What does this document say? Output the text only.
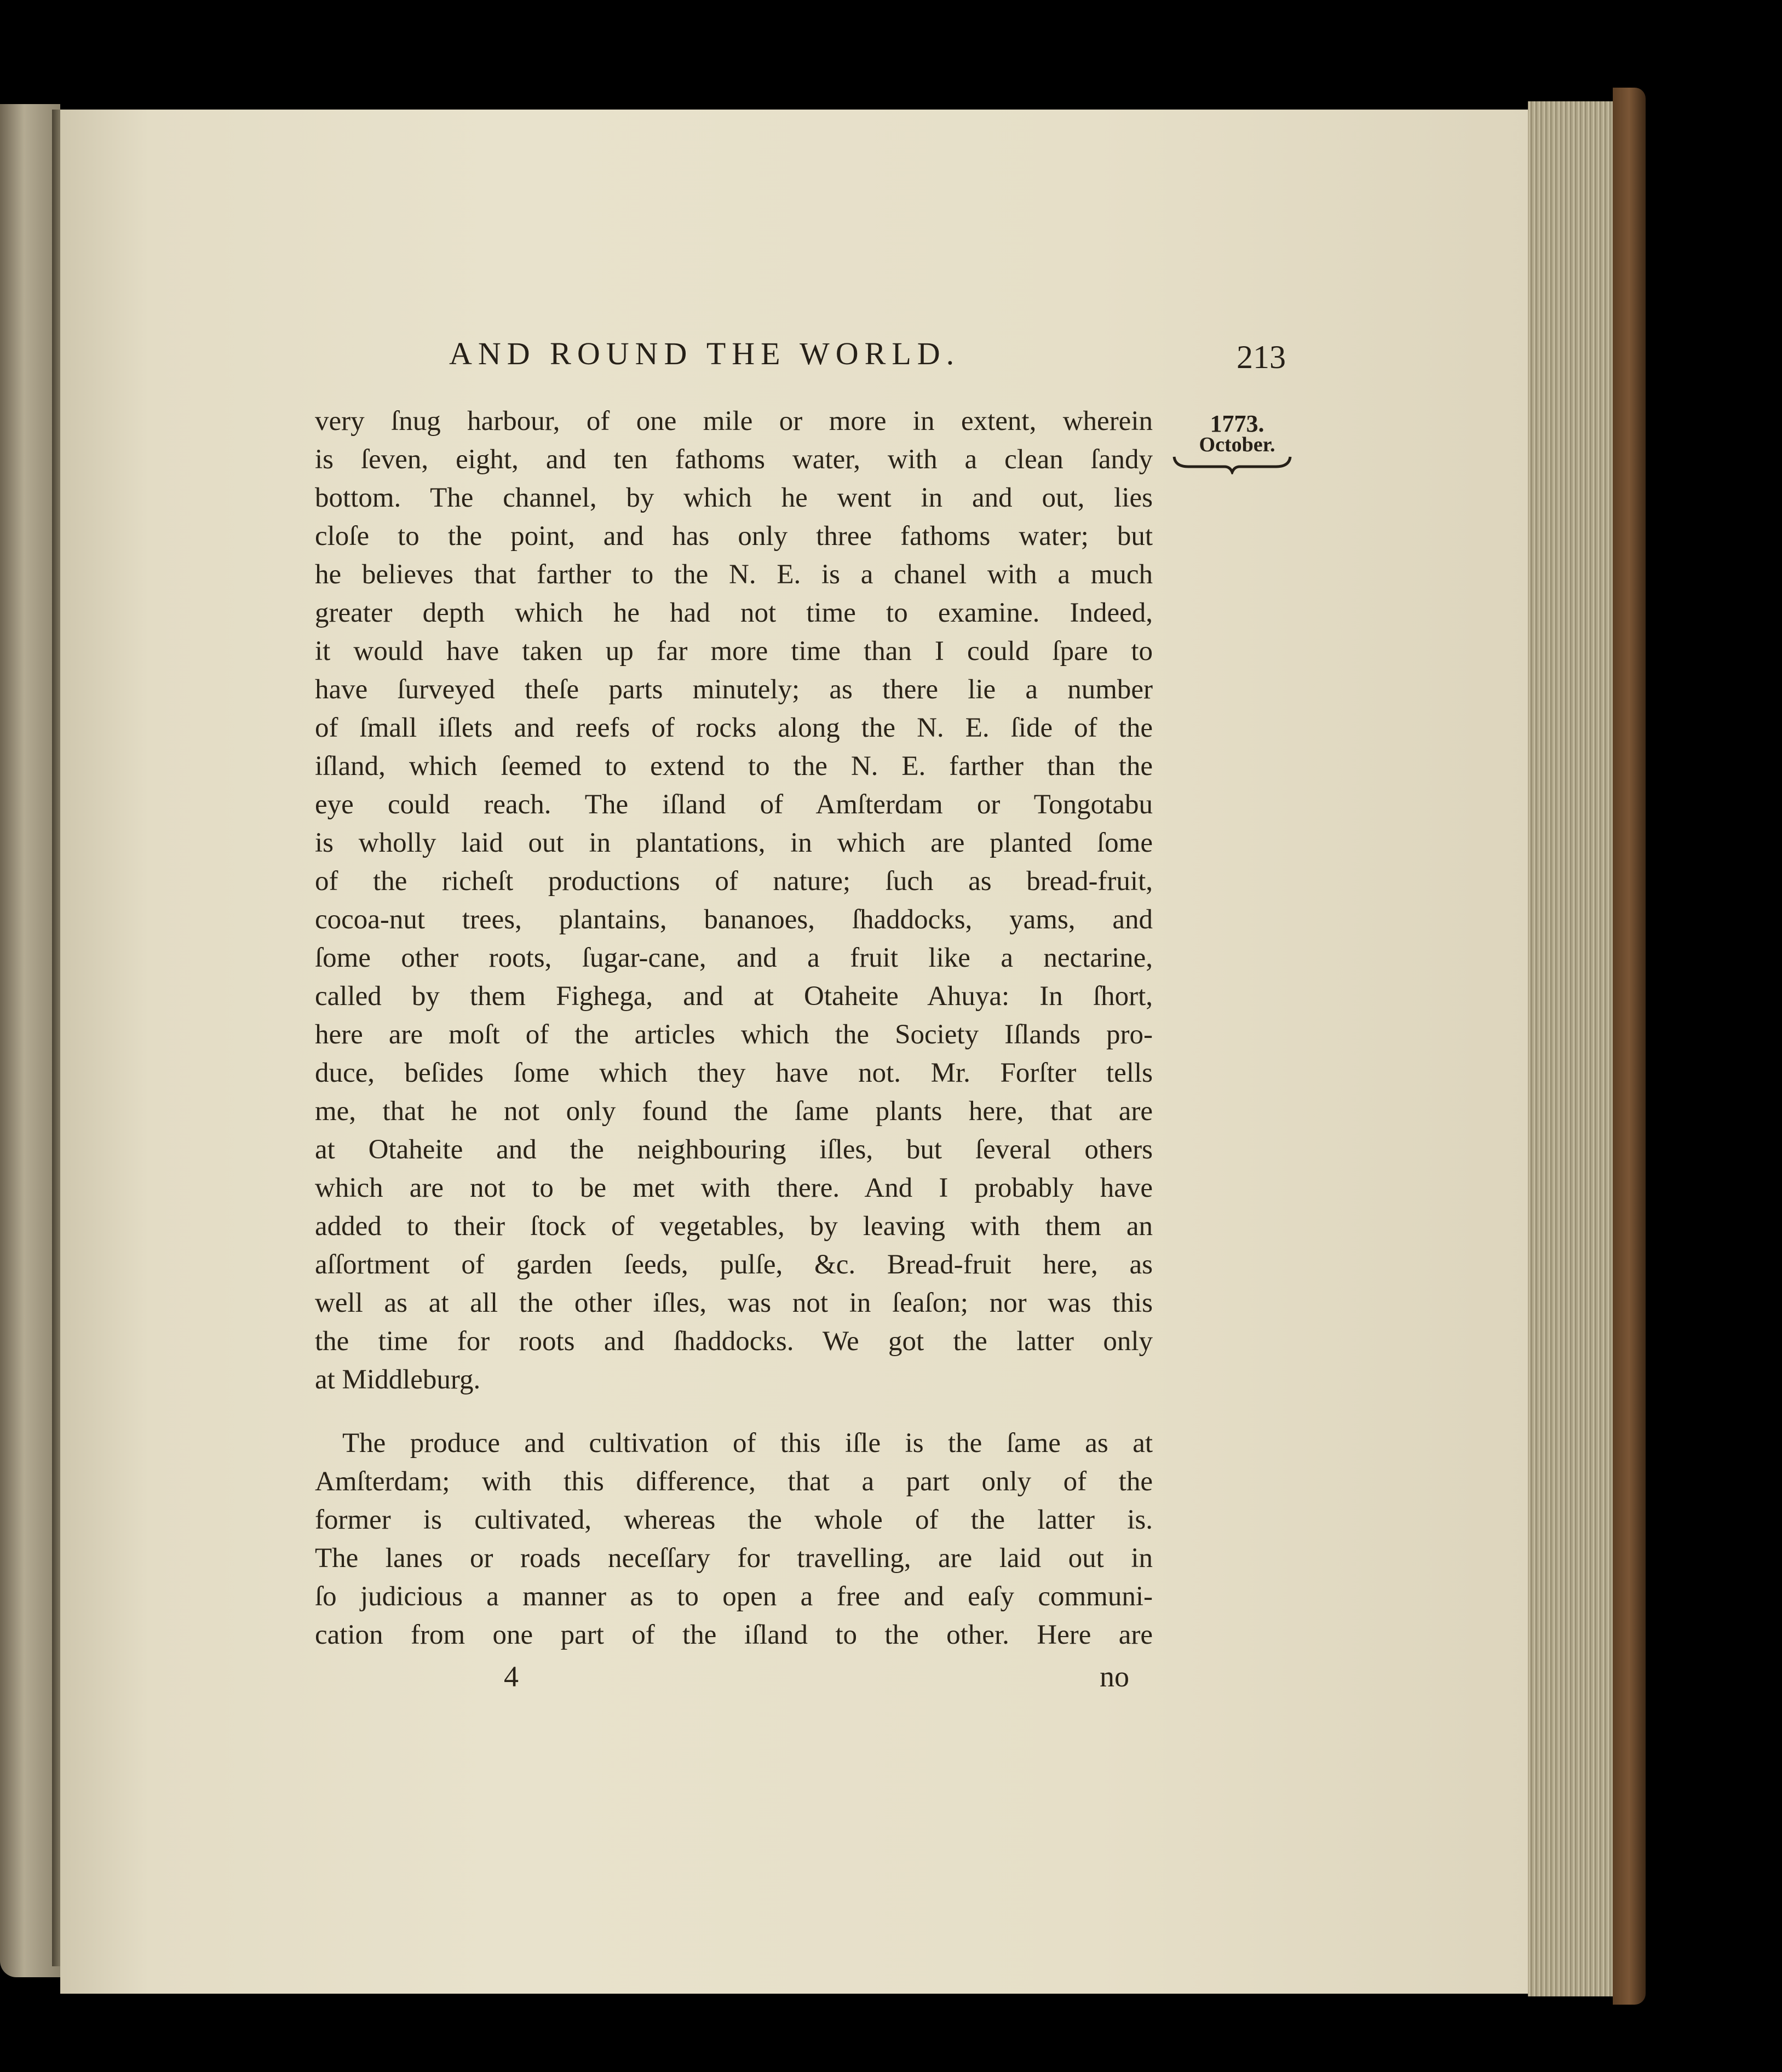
AND ROUND THE WORLD.	213
1773.
October.
very ſnug harbour, of one mile or more in extent, wherein
is ſeven, eight, and ten fathoms water, with a clean ſandy
bottom. The channel, by which he went in and out, lies
cloſe to the point, and has only three fathoms water; but
he believes that farther to the N. E. is a chanel with a much
greater depth which he had not time to examine. Indeed,
it would have taken up far more time than I could ſpare to
have ſurveyed theſe parts minutely; as there lie a number
of ſmall iſlets and reefs of rocks along the N. E. ſide of the
iſland, which ſeemed to extend to the N. E. farther than the
eye could reach. The iſland of Amſterdam or Tongotabu
is wholly laid out in plantations, in which are planted ſome
of the richeſt productions of nature; ſuch as bread-fruit,
cocoa-nut trees, plantains, bananoes, ſhaddocks, yams, and
ſome other roots, ſugar-cane, and a fruit like a nectarine,
called by them Fighega, and at Otaheite Ahuya: In ſhort,
here are moſt of the articles which the Society Iſlands pro-
duce, beſides ſome which they have not. Mr. Forſter tells
me, that he not only found the ſame plants here, that are
at Otaheite and the neighbouring iſles, but ſeveral others
which are not to be met with there. And I probably have
added to their ſtock of vegetables, by leaving with them an
aſſortment of garden ſeeds, pulſe, &c. Bread-fruit here, as
well as at all the other iſles, was not in ſeaſon; nor was this
the time for roots and ſhaddocks. We got the latter only
at Middleburg.
The produce and cultivation of this iſle is the ſame as at
Amſterdam; with this difference, that a part only of the
former is cultivated, whereas the whole of the latter is.
The lanes or roads neceſſary for travelling, are laid out in
ſo judicious a manner as to open a free and eaſy communi-
cation from one part of the iſland to the other. Here are
4	no
